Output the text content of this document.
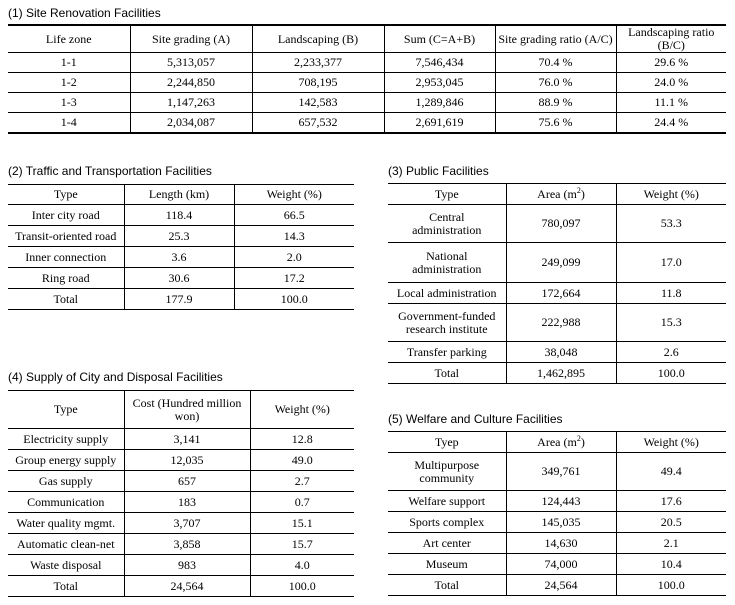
(1) Site Renovation Facilities
Life zone	Site grading (A)	Landscaping (B)	Sum (C=A+B)	Site grading ratio (A/C)	Landscaping ratio (B/C)
1-1	5,313,057	2,233,377	7,546,434	70.4 %	29.6 %
1-2	2,244,850	708,195	2,953,045	76.0 %	24.0 %
1-3	1,147,263	142,583	1,289,846	88.9 %	11.1 %
1-4	2,034,087	657,532	2,691,619	75.6 %	24.4 %
(2) Traffic and Transportation Facilities
Type	Length (km)	Weight (%)
Inter city road	118.4	66.5
Transit-oriented road	25.3	14.3
Inner connection	3.6	2.0
Ring road	30.6	17.2
Total	177.9	100.0
(3) Public Facilities
Type	Area $(m^2)$	Weight (%)

Central administration	780,097	53.3

National administration	249,099	17.0
Local administration	172,664	11.8

Government-funded research institute	222,988	15.3
Transfer parking	38,048	2.6
Total	1,462,895	100.0
(4) Supply of City and Disposal Facilities
Type	Cost (Hundred million won)	Weight (%)
Electricity supply	3,141	12.8
Group energy supply	12,035	49.0
Gas supply	657	2.7
Communication	183	0.7
Water quality mgmt.	3,707	15.1
Automatic clean-net	3,858	15.7
Waste disposal	983	4.0
Total	24,564	100.0
(5) Welfare and Culture Facilities
Tyep	Area $(m^2)$	Weight (%)

Multipurpose community	349,761	49.4
Welfare support	124,443	17.6
Sports complex	145,035	20.5
Art center	14,630	2.1
Museum	74,000	10.4
Total	24,564	100.0
